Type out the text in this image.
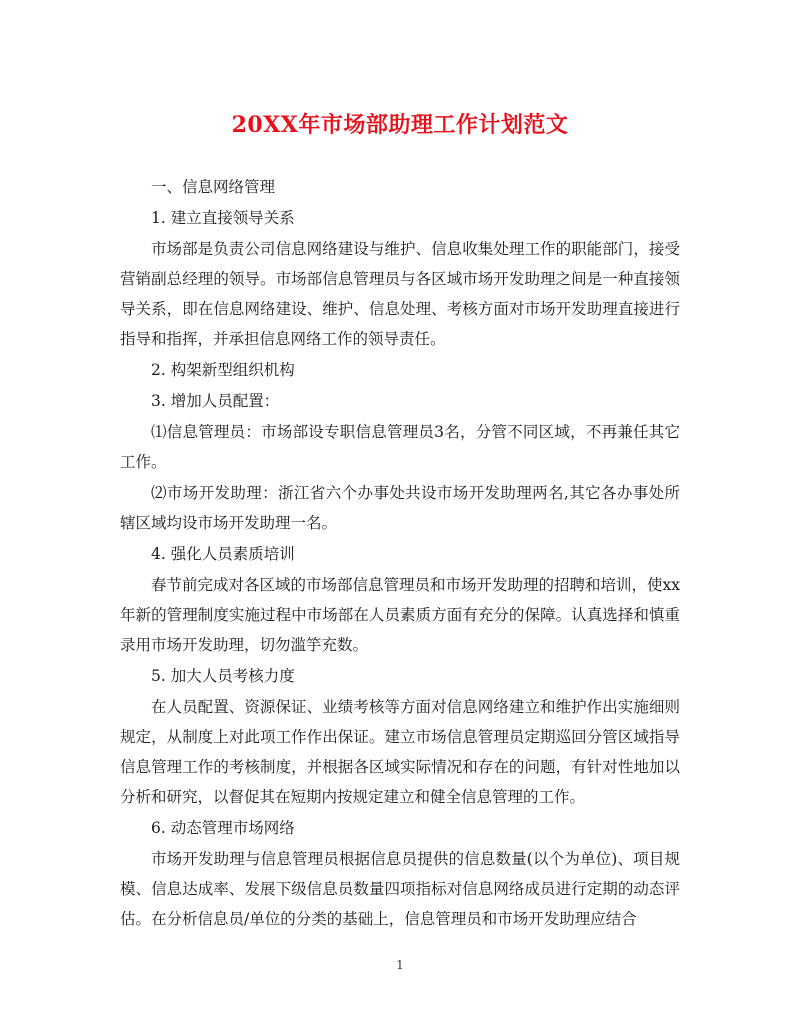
20XX年市场部助理工作计划范文

一、信息网络管理

1. 建立直接领导关系

市场部是负责公司信息网络建设与维护、信息收集处理工作的职能部门，接受营销副总经理的领导。市场部信息管理员与各区域市场开发助理之间是一种直接领导关系，即在信息网络建设、维护、信息处理、考核方面对市场开发助理直接进行指导和指挥，并承担信息网络工作的领导责任。

2. 构架新型组织机构

3. 增加人员配置：

⑴信息管理员：市场部设专职信息管理员3名，分管不同区域，不再兼任其它工作。

⑵市场开发助理：浙江省六个办事处共设市场开发助理两名,其它各办事处所辖区域均设市场开发助理一名。

4. 强化人员素质培训

春节前完成对各区域的市场部信息管理员和市场开发助理的招聘和培训，使xx年新的管理制度实施过程中市场部在人员素质方面有充分的保障。认真选择和慎重录用市场开发助理，切勿滥竽充数。

5. 加大人员考核力度

在人员配置、资源保证、业绩考核等方面对信息网络建立和维护作出实施细则规定，从制度上对此项工作作出保证。建立市场信息管理员定期巡回分管区域指导信息管理工作的考核制度，并根据各区域实际情况和存在的问题，有针对性地加以分析和研究，以督促其在短期内按规定建立和健全信息管理的工作。

6. 动态管理市场网络

市场开发助理与信息管理员根据信息员提供的信息数量(以个为单位)、项目规模、信息达成率、发展下级信息员数量四项指标对信息网络成员进行定期的动态评估。在分析信息员/单位的分类的基础上，信息管理员和市场开发助理应结合

1
